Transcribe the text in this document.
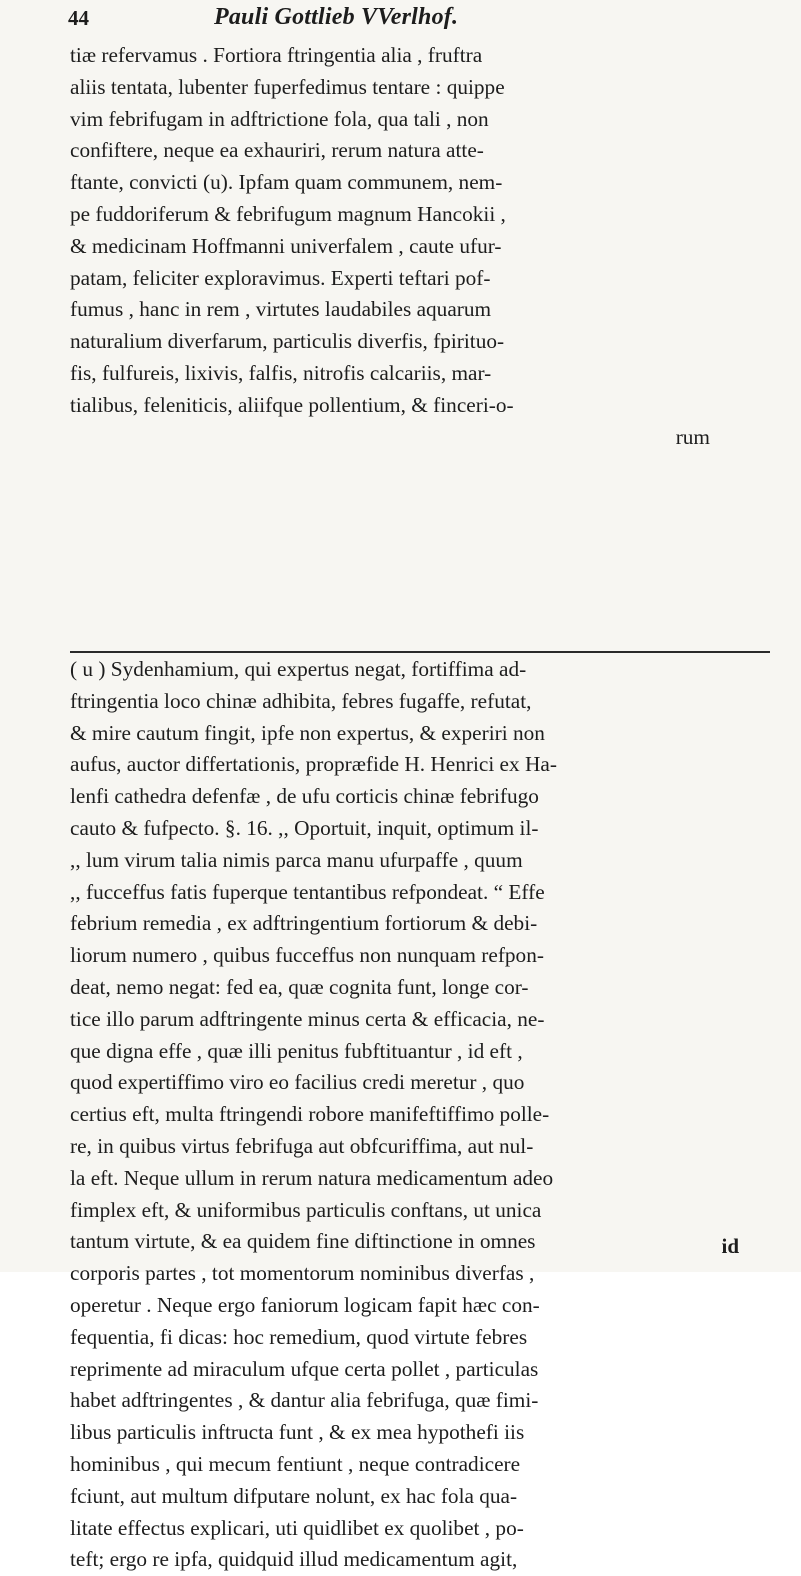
44	Pauli Gottlieb VVerlhof.
tiæ refervamus . Fortiora ftringentia alia , fruftra
aliis tentata, lubenter fuperfedimus tentare : quippe
vim febrifugam in adftrictione fola, qua tali , non
confiftere, neque ea exhauriri, rerum natura atte-
ftante, convicti (u). Ipfam quam communem, nem-
pe fuddoriferum & febrifugum magnum Hancokii ,
& medicinam Hoffmanni univerfalem , caute ufur-
patam, feliciter exploravimus. Experti teftari pof-
fumus , hanc in rem , virtutes laudabiles aquarum
naturalium diverfarum, particulis diverfis, fpirituo-
fis, fulfureis, lixivis, falfis, nitrofis calcariis, mar-
tialibus, feleniticis, aliifque pollentium, & finceri-o-
rum
( u ) Sydenhamium, qui expertus negat, fortiffima ad-
ftringentia loco chinæ adhibita, febres fugaffe, refutat,
& mire cautum fingit, ipfe non expertus, & experiri non
aufus, auctor differtationis, propræfide H. Henrici ex Ha-
lenfi cathedra defenfæ , de ufu corticis chinæ febrifugo
cauto & fufpecto. §. 16. ,, Oportuit, inquit, optimum il-
,, lum virum talia nimis parca manu ufurpaffe , quum
,, fucceffus fatis fuperque tentantibus refpondeat. “ Effe
febrium remedia , ex adftringentium fortiorum & debi-
liorum numero , quibus fucceffus non nunquam refpon-
deat, nemo negat: fed ea, quæ cognita funt, longe cor-
tice illo parum adftringente minus certa & efficacia, ne-
que digna effe , quæ illi penitus fubftituantur , id eft ,
quod expertiffimo viro eo facilius credi meretur , quo
certius eft, multa ftringendi robore manifeftiffimo polle-
re, in quibus virtus febrifuga aut obfcuriffima, aut nul-
la eft. Neque ullum in rerum natura medicamentum adeo
fimplex eft, & uniformibus particulis conftans, ut unica
tantum virtute, & ea quidem fine diftinctione in omnes
corporis partes , tot momentorum nominibus diverfas ,
operetur . Neque ergo faniorum logicam fapit hæc con-
fequentia, fi dicas: hoc remedium, quod virtute febres
reprimente ad miraculum ufque certa pollet , particulas
habet adftringentes , & dantur alia febrifuga, quæ fimi-
libus particulis inftructa funt , & ex mea hypothefi iis
hominibus , qui mecum fentiunt , neque contradicere
fciunt, aut multum difputare nolunt, ex hac fola qua-
litate effectus explicari, uti quidlibet ex quolibet , po-
teft; ergo re ipfa, quidquid illud medicamentum agit,
id
